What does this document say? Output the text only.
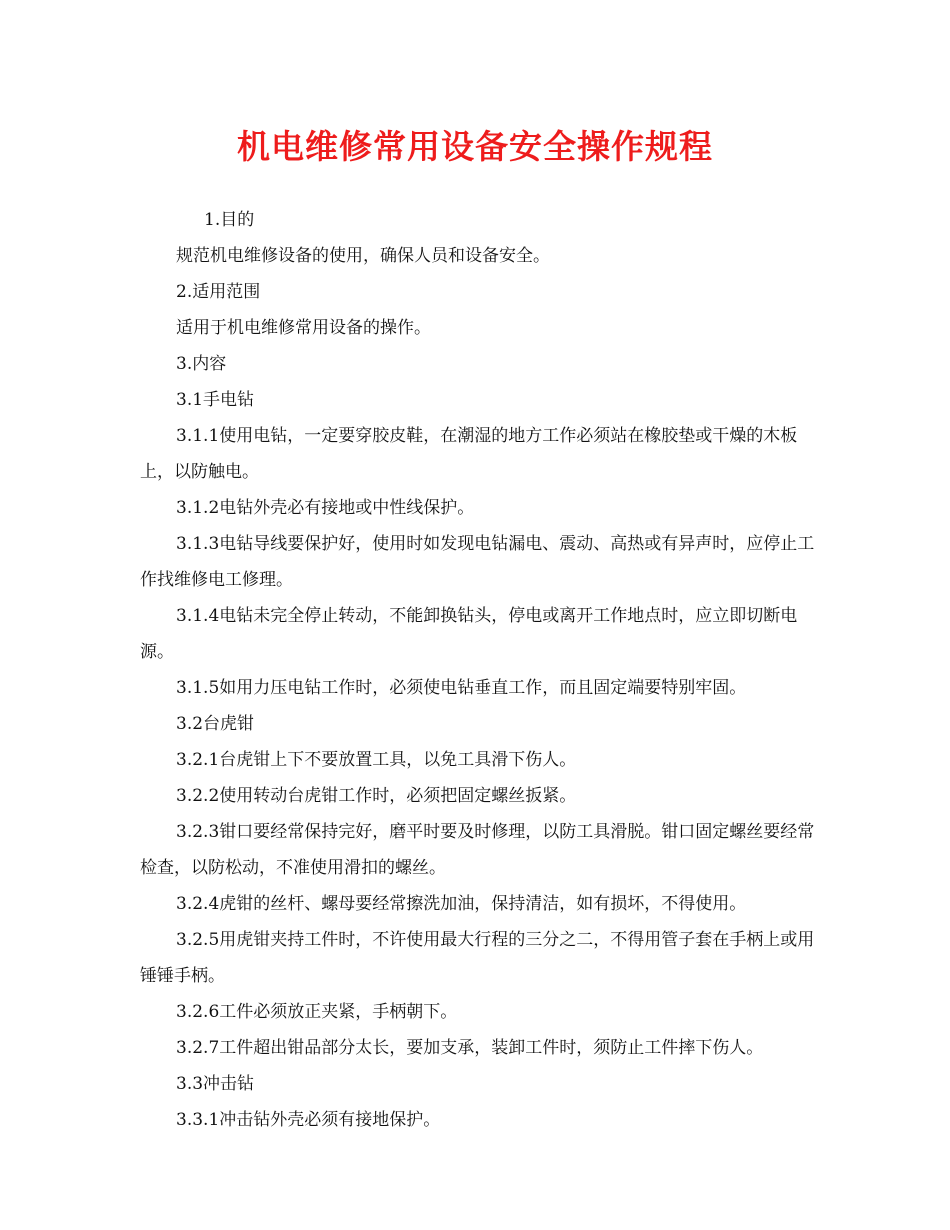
机电维修常用设备安全操作规程

1.目的

规范机电维修设备的使用，确保人员和设备安全。

2.适用范围

适用于机电维修常用设备的操作。

3.内容

3.1手电钻

3.1.1使用电钻，一定要穿胶皮鞋，在潮湿的地方工作必须站在橡胶垫或干燥的木板上，以防触电。

3.1.2电钻外壳必有接地或中性线保护。

3.1.3电钻导线要保护好，使用时如发现电钻漏电、震动、高热或有异声时，应停止工作找维修电工修理。

3.1.4电钻未完全停止转动，不能卸换钻头，停电或离开工作地点时，应立即切断电源。

3.1.5如用力压电钻工作时，必须使电钻垂直工作，而且固定端要特别牢固。

3.2台虎钳

3.2.1台虎钳上下不要放置工具，以免工具滑下伤人。

3.2.2使用转动台虎钳工作时，必须把固定螺丝扳紧。

3.2.3钳口要经常保持完好，磨平时要及时修理，以防工具滑脱。钳口固定螺丝要经常检查，以防松动，不准使用滑扣的螺丝。

3.2.4虎钳的丝杆、螺母要经常擦洗加油，保持清洁，如有损坏，不得使用。

3.2.5用虎钳夹持工件时，不许使用最大行程的三分之二，不得用管子套在手柄上或用锤锤手柄。

3.2.6工件必须放正夹紧，手柄朝下。

3.2.7工件超出钳品部分太长，要加支承，装卸工件时，须防止工件摔下伤人。

3.3冲击钻

3.3.1冲击钻外壳必须有接地保护。
